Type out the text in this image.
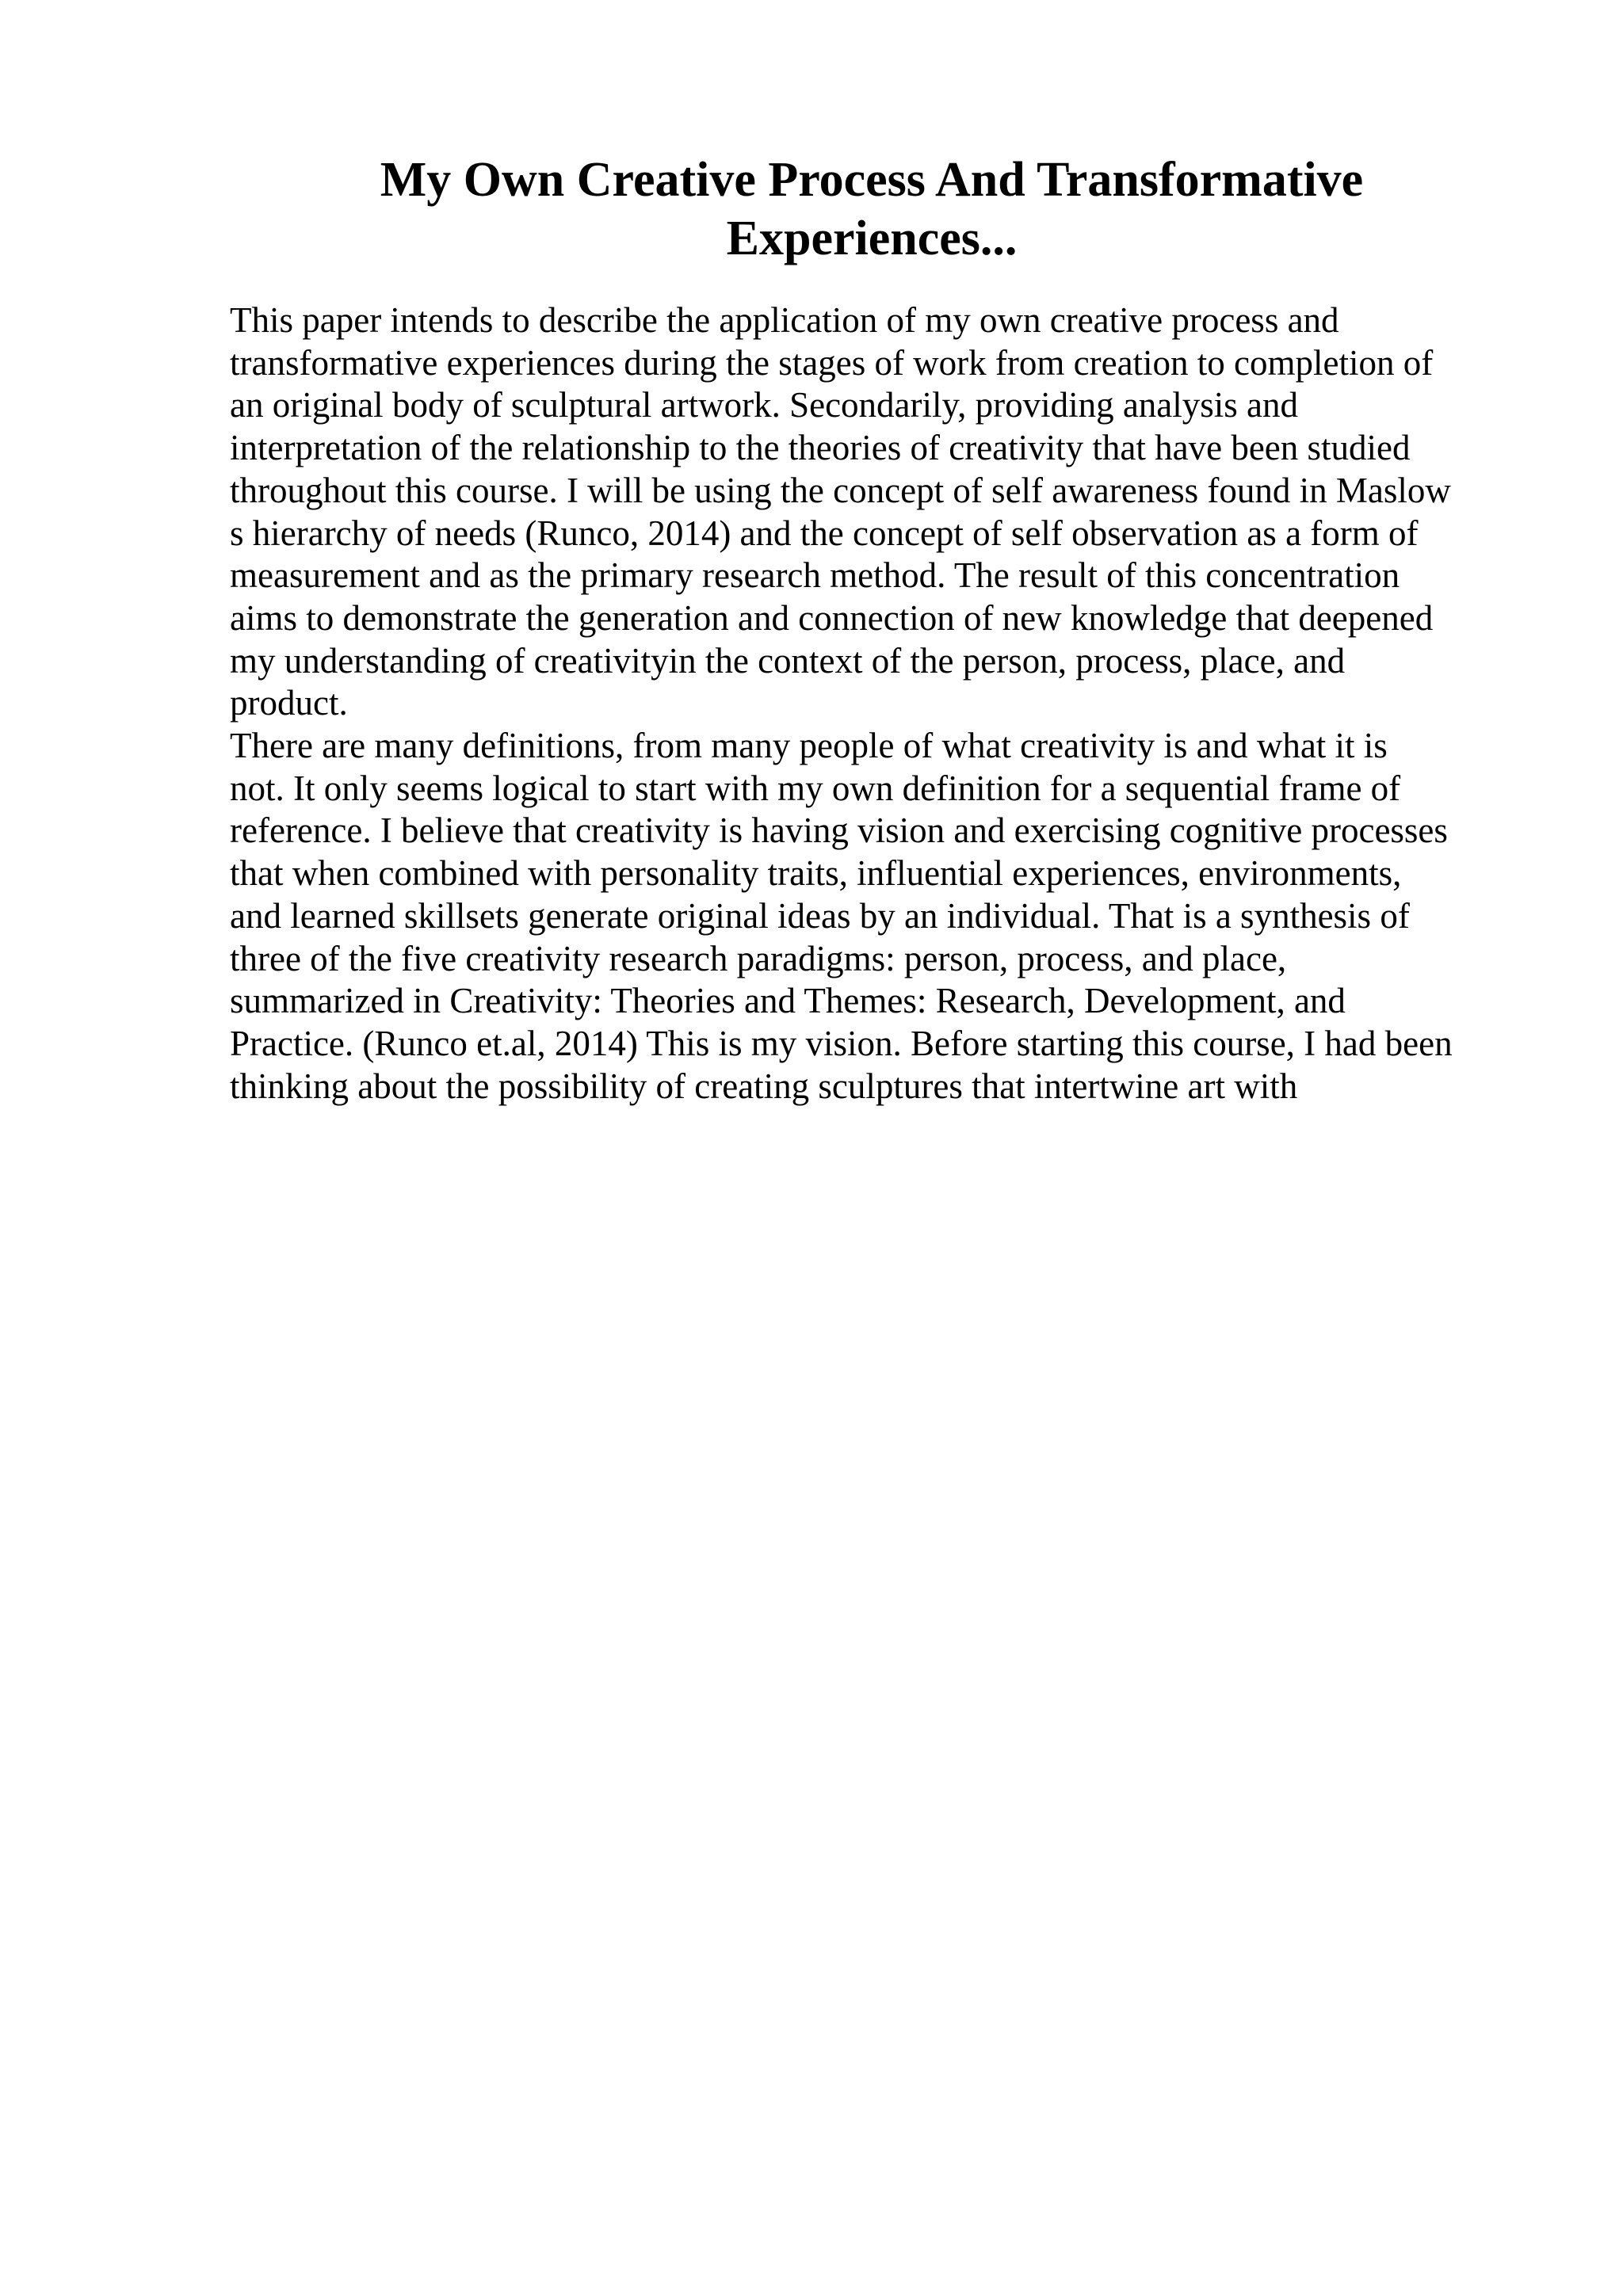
My Own Creative Process And Transformative
Experiences...
This paper intends to describe the application of my own creative process and
transformative experiences during the stages of work from creation to completion of
an original body of sculptural artwork. Secondarily, providing analysis and
interpretation of the relationship to the theories of creativity that have been studied
throughout this course. I will be using the concept of self awareness found in Maslow
s hierarchy of needs (Runco, 2014) and the concept of self observation as a form of
measurement and as the primary research method. The result of this concentration
aims to demonstrate the generation and connection of new knowledge that deepened
my understanding of creativityin the context of the person, process, place, and
product.
There are many definitions, from many people of what creativity is and what it is
not. It only seems logical to start with my own definition for a sequential frame of
reference. I believe that creativity is having vision and exercising cognitive processes
that when combined with personality traits, influential experiences, environments,
and learned skillsets generate original ideas by an individual. That is a synthesis of
three of the five creativity research paradigms: person, process, and place,
summarized in Creativity: Theories and Themes: Research, Development, and
Practice. (Runco et.al, 2014) This is my vision. Before starting this course, I had been
thinking about the possibility of creating sculptures that intertwine art with
